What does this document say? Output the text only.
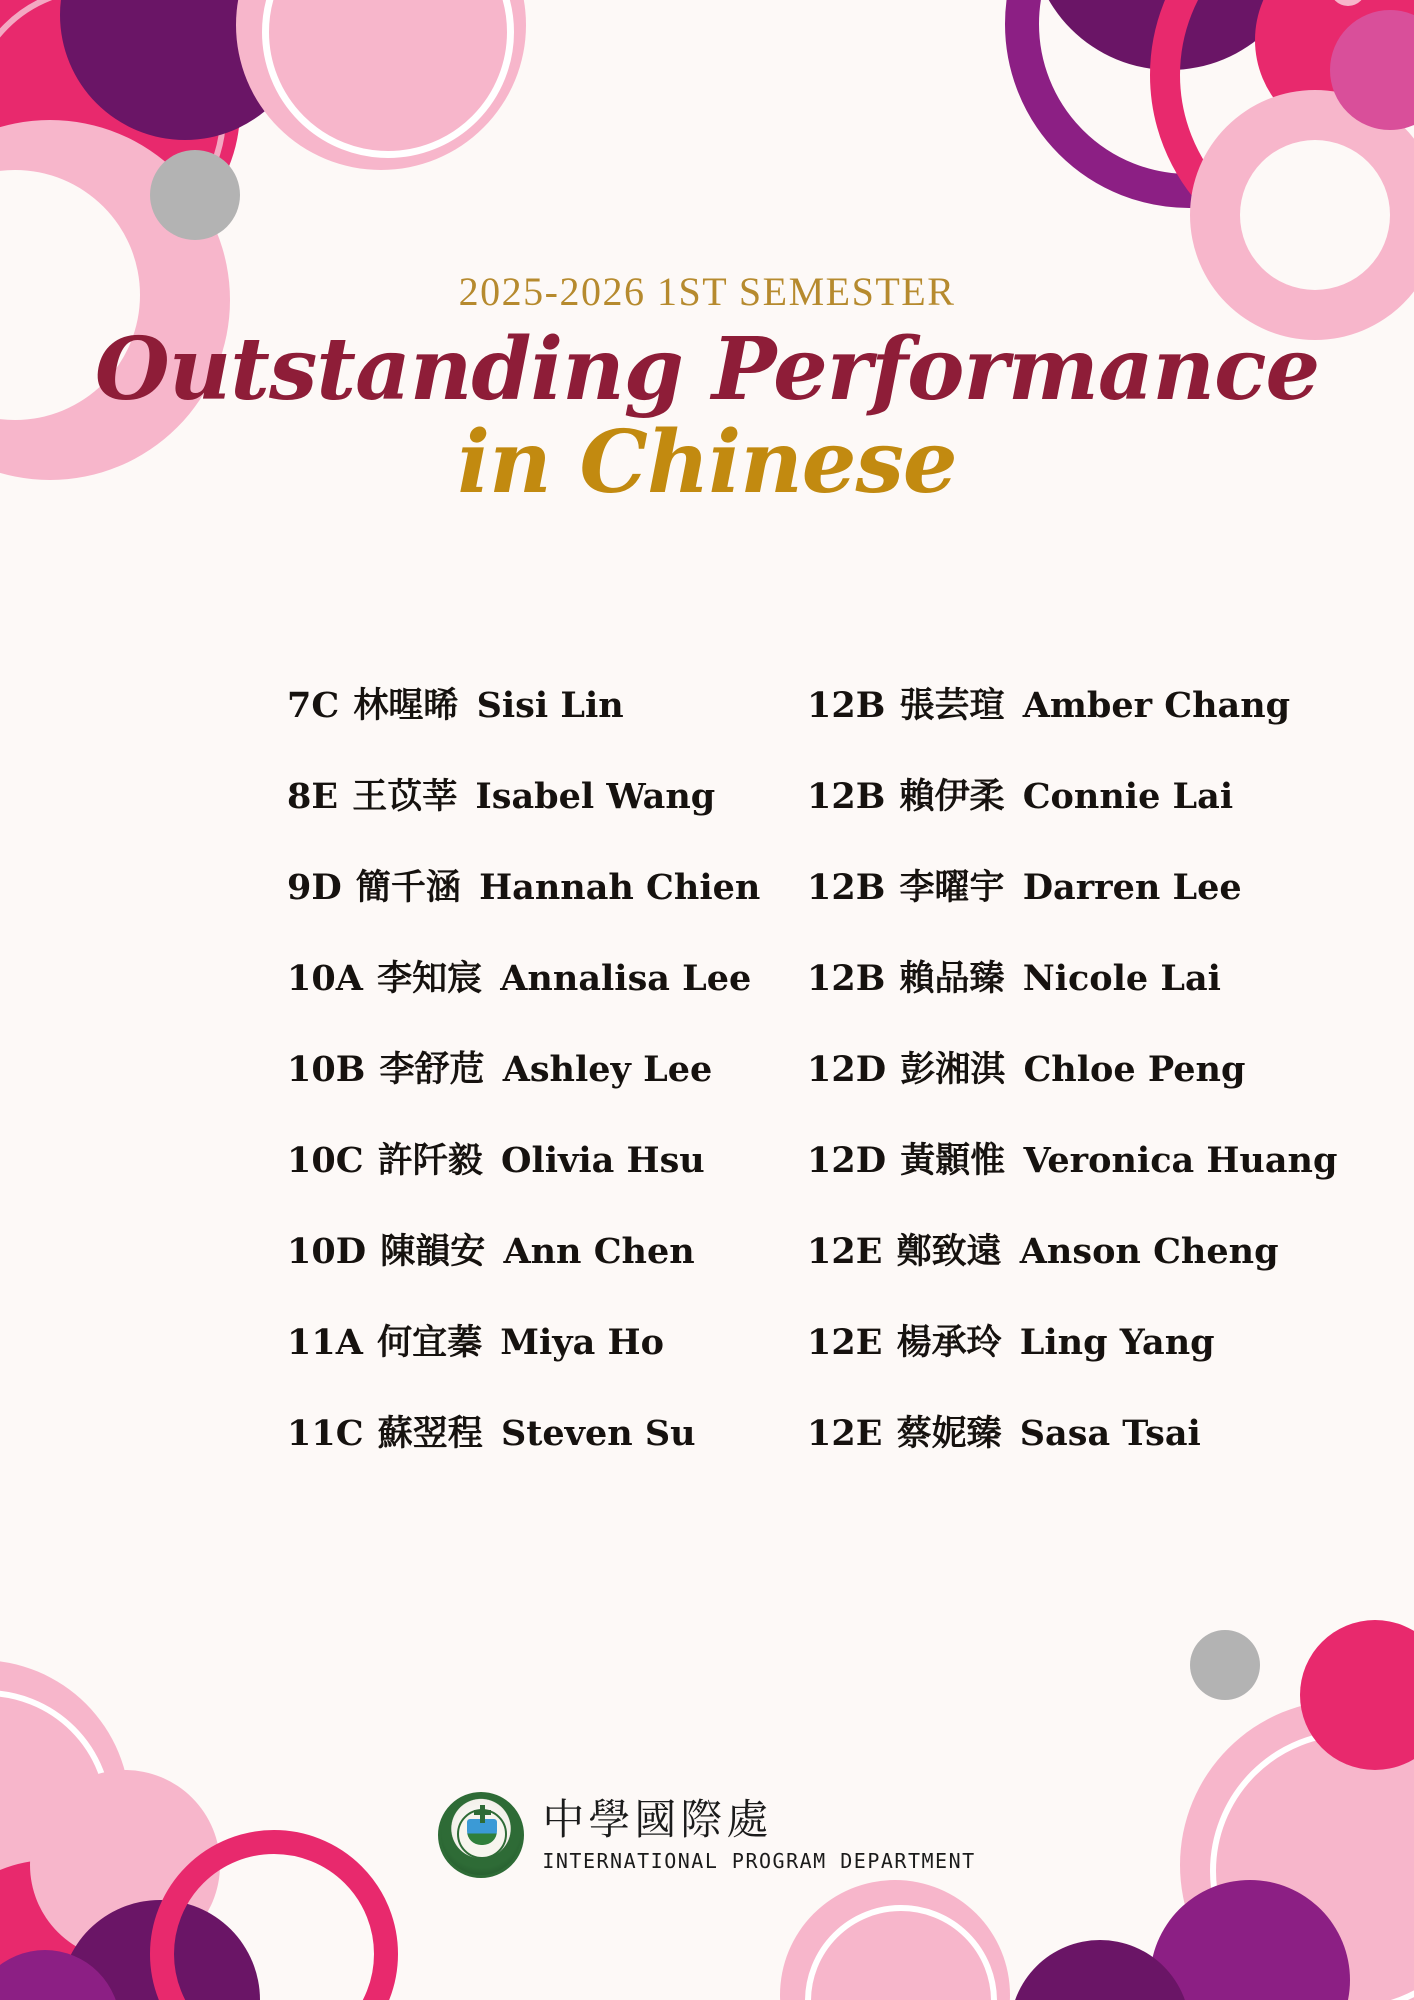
2025-2026 1ST SEMESTER
Outstanding Performance
in Chinese
7C 林暒晞 Sisi Lin
8E 王苡莘 Isabel Wang
9D 簡千涵 Hannah Chien
10A 李知宸 Annalisa Lee
10B 李舒苊 Ashley Lee
10C 許阡毅 Olivia Hsu
10D 陳韻安 Ann Chen
11A 何宜蓁 Miya Ho
11C 蘇翌程 Steven Su
12B 張芸瑄 Amber Chang
12B 賴伊柔 Connie Lai
12B 李曜宇 Darren Lee
12B 賴品臻 Nicole Lai
12D 彭湘淇 Chloe Peng
12D 黃顥惟 Veronica Huang
12E 鄭致遠 Anson Cheng
12E 楊承玲 Ling Yang
12E 蔡妮臻 Sasa Tsai
中學國際處
INTERNATIONAL PROGRAM DEPARTMENT
